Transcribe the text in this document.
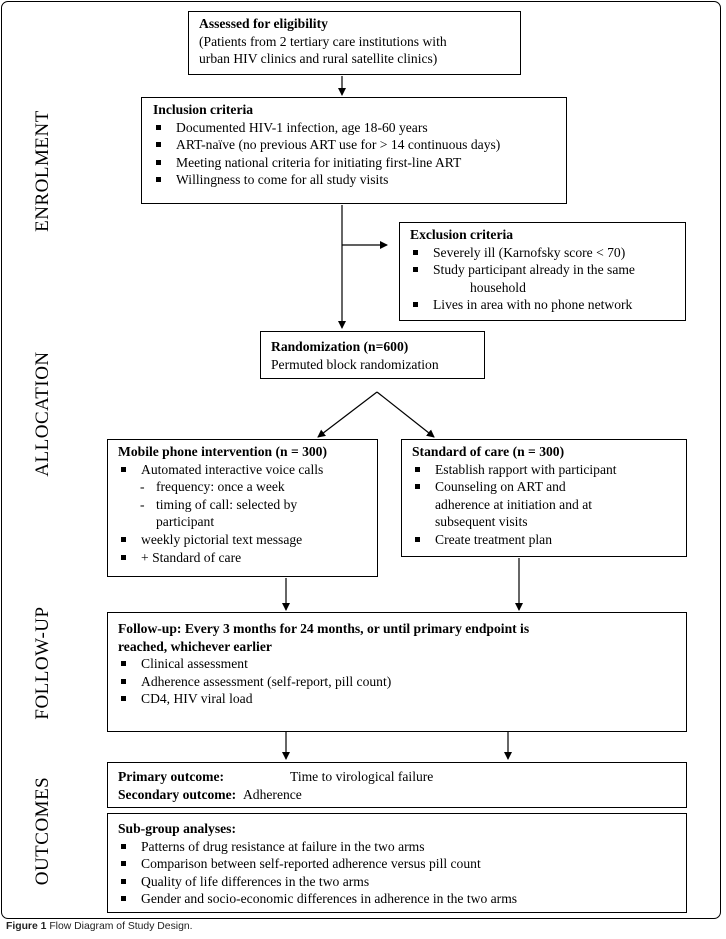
ENROLMENT
ALLOCATION
FOLLOW-UP
OUTCOMES
Assessed for eligibility
(Patients from 2 tertiary care institutions with
urban HIV clinics and rural satellite clinics)
Inclusion criteria
Documented HIV-1 infection, age 18-60 years
ART-naïve (no previous ART use for > 14 continuous days)
Meeting national criteria for initiating first-line ART
Willingness to come for all study visits
Exclusion criteria
Severely ill (Karnofsky score < 70)
Study participant already in the same
household
Lives in area with no phone network
Randomization (n=600)
Permuted block randomization
Mobile phone intervention (n = 300)
Automated interactive voice calls
- frequency: once a week
- timing of call: selected by
participant
weekly pictorial text message
+ Standard of care
Standard of care (n = 300)
Establish rapport with participant
Counseling on ART and
adherence at initiation and at
subsequent visits
Create treatment plan
Follow-up: Every 3 months for 24 months, or until primary endpoint is
reached, whichever earlier
Clinical assessment
Adherence assessment (self-report, pill count)
CD4, HIV viral load
Primary outcome:	Time to virological failure
Secondary outcome: Adherence
Sub-group analyses:
Patterns of drug resistance at failure in the two arms
Comparison between self-reported adherence versus pill count
Quality of life differences in the two arms
Gender and socio-economic differences in adherence in the two arms
Figure 1 Flow Diagram of Study Design.
